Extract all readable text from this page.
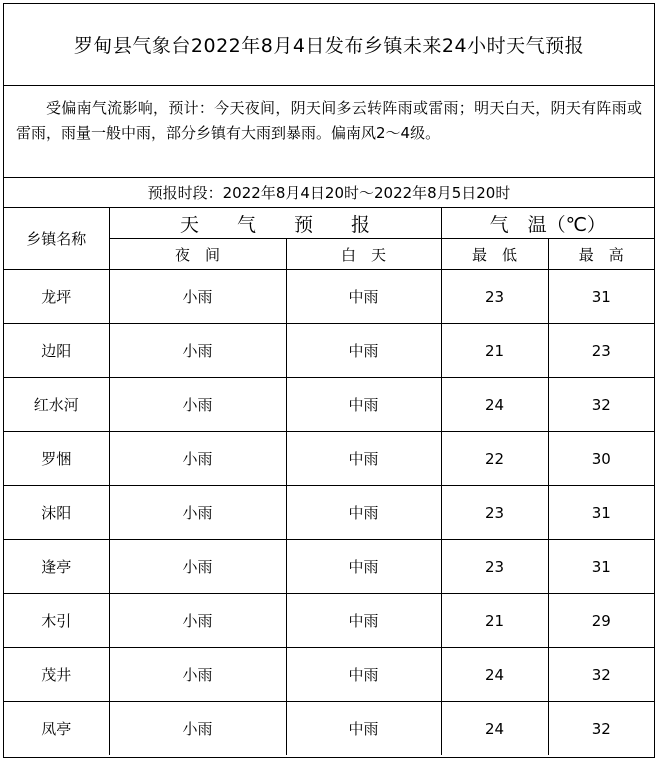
罗甸县气象台2022年8月4日发布乡镇未来24小时天气预报
受偏南气流影响，预计：今天夜间，阴天间多云转阵雨或雷雨；明天白天，阴天有阵雨或雷雨，雨量一般中雨，部分乡镇有大雨到暴雨。偏南风2～4级。
预报时段：2022年8月4日20时～2022年8月5日20时
乡镇名称	天　　气　　预　　报		气　温（℃）	
	夜　间	白　天	最　低	最　高
龙坪	小雨	中雨	23	31
边阳	小雨	中雨	21	23
红水河	小雨	中雨	24	32
罗悃	小雨	中雨	22	30
沫阳	小雨	中雨	23	31
逢亭	小雨	中雨	23	31
木引	小雨	中雨	21	29
茂井	小雨	中雨	24	32
凤亭	小雨	中雨	24	32
